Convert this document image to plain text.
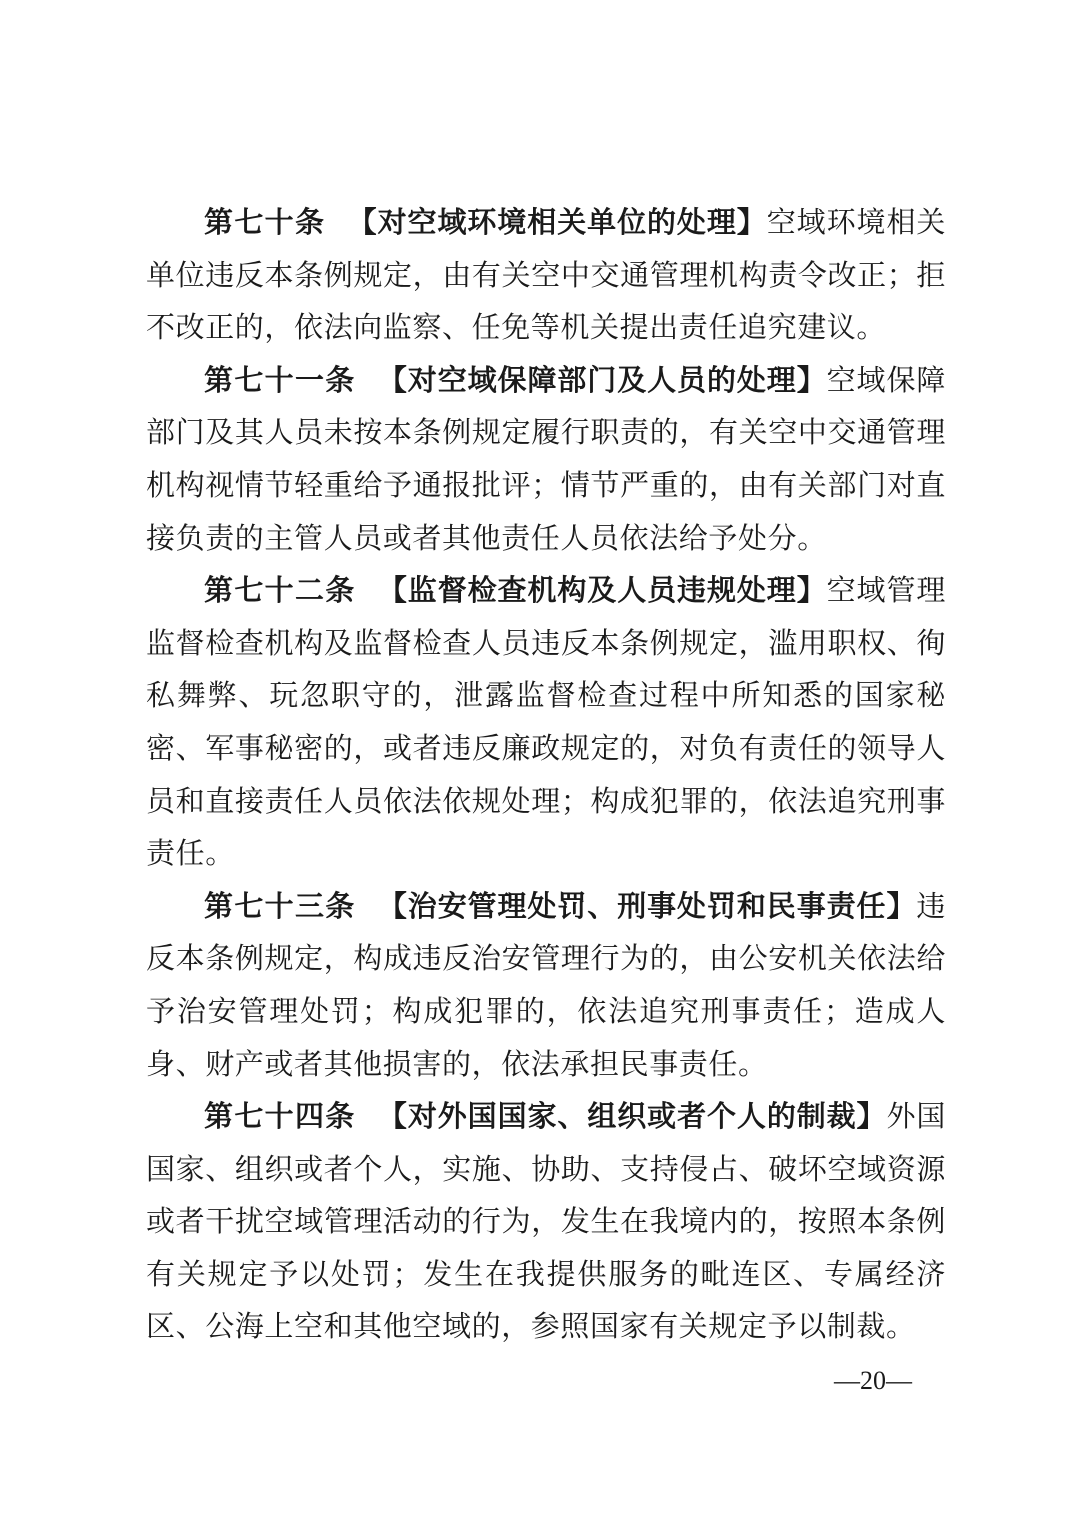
第七十条 【对空域环境相关单位的处理】空域环境相关单位违反本条例规定，由有关空中交通管理机构责令改正；拒不改正的，依法向监察、任免等机关提出责任追究建议。

第七十一条 【对空域保障部门及人员的处理】空域保障部门及其人员未按本条例规定履行职责的，有关空中交通管理机构视情节轻重给予通报批评；情节严重的，由有关部门对直接负责的主管人员或者其他责任人员依法给予处分。

第七十二条 【监督检查机构及人员违规处理】空域管理监督检查机构及监督检查人员违反本条例规定，滥用职权、徇私舞弊、玩忽职守的，泄露监督检查过程中所知悉的国家秘密、军事秘密的，或者违反廉政规定的，对负有责任的领导人员和直接责任人员依法依规处理；构成犯罪的，依法追究刑事责任。

第七十三条 【治安管理处罚、刑事处罚和民事责任】违反本条例规定，构成违反治安管理行为的，由公安机关依法给予治安管理处罚；构成犯罪的，依法追究刑事责任；造成人身、财产或者其他损害的，依法承担民事责任。

第七十四条 【对外国国家、组织或者个人的制裁】外国国家、组织或者个人，实施、协助、支持侵占、破坏空域资源或者干扰空域管理活动的行为，发生在我境内的，按照本条例有关规定予以处罚；发生在我提供服务的毗连区、专属经济区、公海上空和其他空域的，参照国家有关规定予以制裁。

—20—
